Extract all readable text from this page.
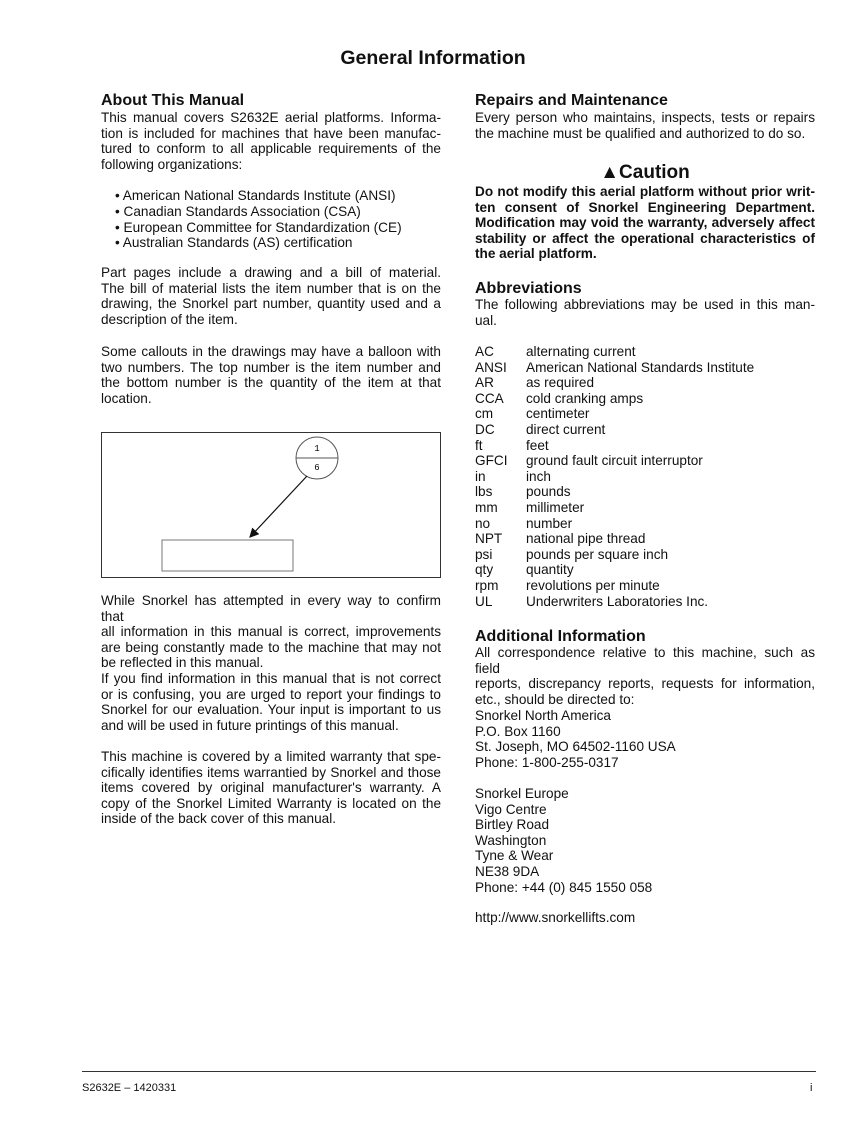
General Information
About This Manual
This manual covers S2632E aerial platforms. Informa-
tion is included for machines that have been manufac-
tured to conform to all applicable requirements of the
following organizations:
• American National Standards Institute (ANSI)
• Canadian Standards Association (CSA)
• European Committee for Standardization (CE)
• Australian Standards (AS) certification
Part pages include a drawing and a bill of material.
The bill of material lists the item number that is on the
drawing, the Snorkel part number, quantity used and a
description of the item.
Some callouts in the drawings may have a balloon with
two numbers. The top number is the item number and
the bottom number is the quantity of the item at that
location.
1
6
While Snorkel has attempted in every way to confirm that
all information in this manual is correct, improvements
are being constantly made to the machine that may not
be reflected in this manual.
If you find information in this manual that is not correct
or is confusing, you are urged to report your findings to
Snorkel for our evaluation. Your input is important to us
and will be used in future printings of this manual.
This machine is covered by a limited warranty that spe-
cifically identifies items warrantied by Snorkel and those
items covered by original manufacturer's warranty. A
copy of the Snorkel Limited Warranty is located on the
inside of the back cover of this manual.
Repairs and Maintenance
Every person who maintains, inspects, tests or repairs
the machine must be qualified and authorized to do so.
▲Caution
Do not modify this aerial platform without prior writ-
ten consent of Snorkel Engineering Department.
Modification may void the warranty, adversely affect
stability or affect the operational characteristics of
the aerial platform.
Abbreviations
The following abbreviations may be used in this man-
ual.
AC	alternating current
ANSI	American National Standards Institute
AR	as required
CCA	cold cranking amps
cm	centimeter
DC	direct current
ft	feet
GFCI	ground fault circuit interruptor
in	inch
lbs	pounds
mm	millimeter
no	number
NPT	national pipe thread
psi	pounds per square inch
qty	quantity
rpm	revolutions per minute
UL	Underwriters Laboratories Inc.
Additional Information
All correspondence relative to this machine, such as field
reports, discrepancy reports, requests for information,
etc., should be directed to:
Snorkel North America
P.O. Box 1160
St. Joseph, MO 64502-1160 USA
Phone: 1-800-255-0317
Snorkel Europe
Vigo Centre
Birtley Road
Washington
Tyne & Wear
NE38 9DA
Phone: +44 (0) 845 1550 058
http://www.snorkellifts.com
S2632E – 1420331	i
